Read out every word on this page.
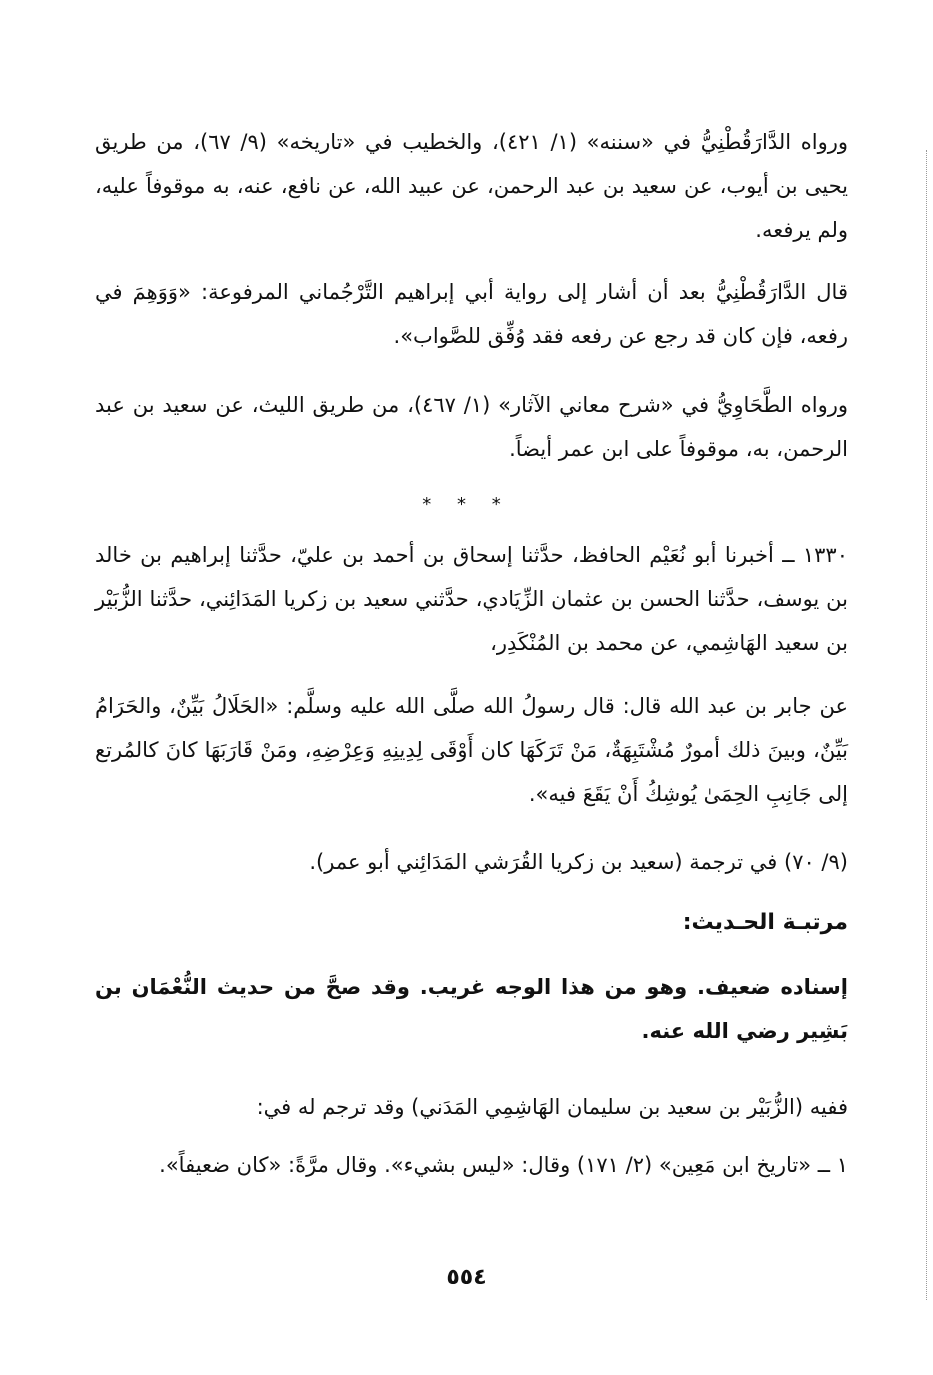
ورواه الدَّارَقُطْنِيُّ في «سننه» (١/ ٤٢١)، والخطيب في «تاريخه» (٩/ ٦٧)، من طريق يحيى بن أيوب، عن سعيد بن عبد الرحمن، عن عبيد الله، عن نافع، عنه، به موقوفاً عليه، ولم يرفعه.

قال الدَّارَقُطْنِيُّ بعد أن أشار إلى رواية أبي إبراهيم التَّرْجُماني المرفوعة: «وَوَهِمَ في رفعه، فإن كان قد رجع عن رفعه فقد وُفِّق للصَّواب».

ورواه الطَّحَاوِيُّ في «شرح معاني الآثار» (١/ ٤٦٧)، من طريق الليث، عن سعيد بن عبد الرحمن، به، موقوفاً على ابن عمر أيضاً.

* * *

١٣٣٠ ــ أخبرنا أبو نُعَيْم الحافظ، حدَّثنا إسحاق بن أحمد بن عليّ، حدَّثنا إبراهيم بن خالد بن يوسف، حدَّثنا الحسن بن عثمان الزِّيَادي، حدَّثني سعيد بن زكريا المَدَائِني، حدَّثنا الزُّبَيْر بن سعيد الهَاشِمي، عن محمد بن المُنْكَدِر،

عن جابر بن عبد الله قال: قال رسولُ الله صلَّى الله عليه وسلَّم: «الحَلَالُ بَيِّنٌ، والحَرَامُ بَيِّنٌ، وبينَ ذلك أمورٌ مُشْتَبِهَةٌ، مَنْ تَرَكَهَا كان أَوْقَى لِدِينِهِ وَعِرْضِهِ، ومَنْ قَارَبَهَا كانَ كالمُرتع إلى جَانِبِ الحِمَىٰ يُوشِكُ أَنْ يَقَعَ فيه».

(٩/ ٧٠) في ترجمة (سعيد بن زكريا القُرَشي المَدَائِني أبو عمر).

مرتبـة الحـديث:

إسناده ضعيف. وهو من هذا الوجه غريب. وقد صحَّ من حديث النُّعْمَان بن بَشِير رضي الله عنه.

ففيه (الزُّبَيْر بن سعيد بن سليمان الهَاشِمِي المَدَني) وقد ترجم له في:

١ ــ «تاريخ ابن مَعِين» (٢/ ١٧١) وقال: «ليس بشيء». وقال مرَّةً: «كان ضعيفاً».

٥٥٤
